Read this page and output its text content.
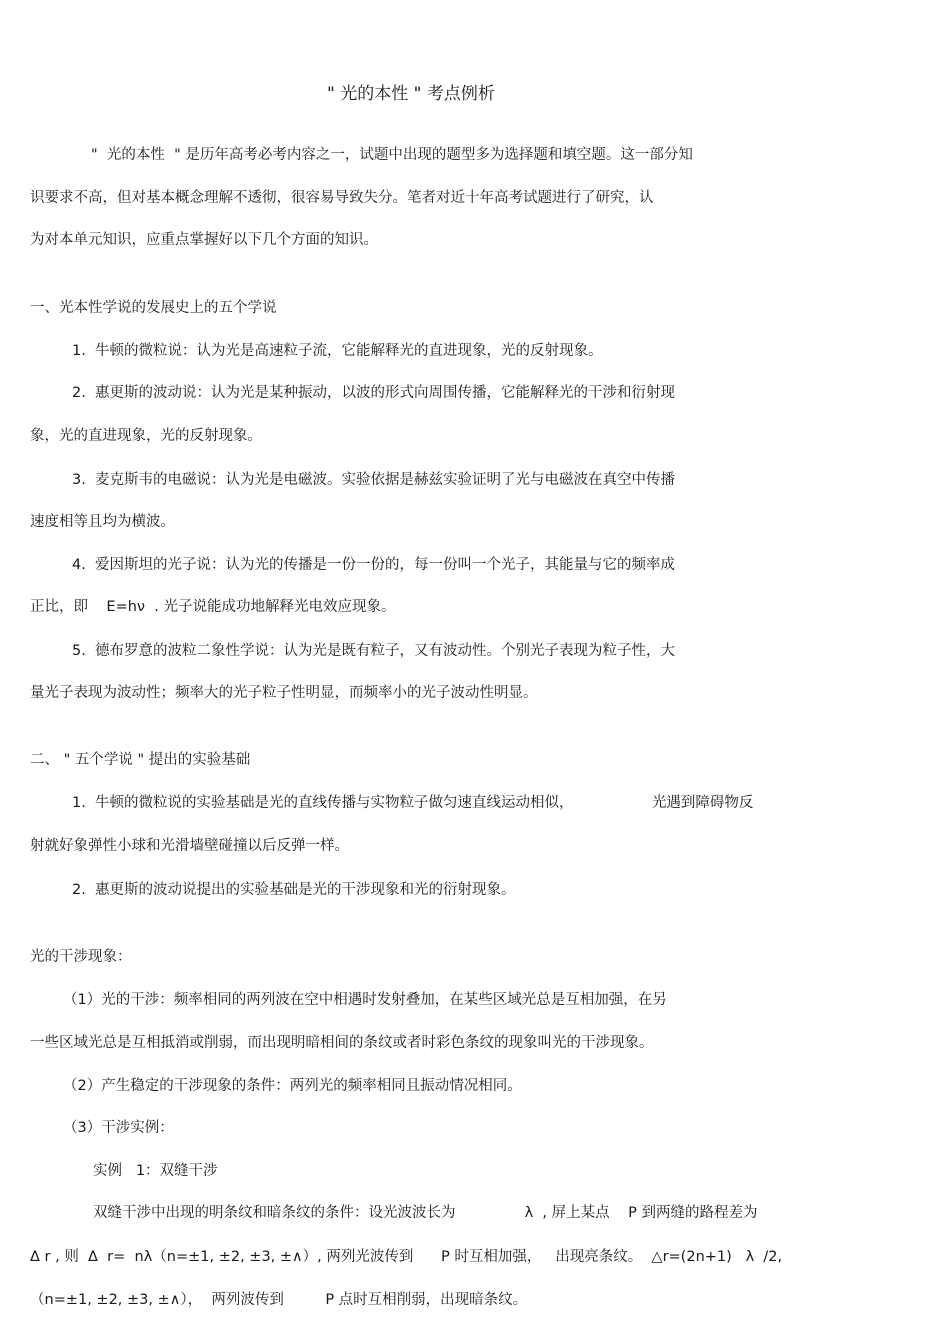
" 光的本性 " 考点例析
"  光的本性  " 是历年高考必考内容之一，试题中出现的题型多为选择题和填空题。这一部分知
识要求不高，但对基本概念理解不透彻，很容易导致失分。笔者对近十年高考试题进行了研究，认
为对本单元知识，应重点掌握好以下几个方面的知识。
一、光本性学说的发展史上的五个学说
1.  牛顿的微粒说：认为光是高速粒子流，它能解释光的直进现象，光的反射现象。
2.  惠更斯的波动说：认为光是某种振动，以波的形式向周围传播，它能解释光的干涉和衍射现
象，光的直进现象，光的反射现象。
3.  麦克斯韦的电磁说：认为光是电磁波。实验依据是赫兹实验证明了光与电磁波在真空中传播
速度相等且均为横波。
4.  爱因斯坦的光子说：认为光的传播是一份一份的，每一份叫一个光子，其能量与它的频率成
正比，即    E=hν  . 光子说能成功地解释光电效应现象。
5.  德布罗意的波粒二象性学说：认为光是既有粒子，又有波动性。个别光子表现为粒子性，大
量光子表现为波动性；频率大的光子粒子性明显，而频率小的光子波动性明显。
二、 " 五个学说 " 提出的实验基础
1.  牛顿的微粒说的实验基础是光的直线传播与实物粒子做匀速直线运动相似，                 光遇到障碍物反
射就好象弹性小球和光滑墙壁碰撞以后反弹一样。
2.  惠更斯的波动说提出的实验基础是光的干涉现象和光的衍射现象。
光的干涉现象：
（1）光的干涉：频率相同的两列波在空中相遇时发射叠加，在某些区域光总是互相加强，在另
一些区域光总是互相抵消或削弱，而出现明暗相间的条纹或者时彩色条纹的现象叫光的干涉现象。
（2）产生稳定的干涉现象的条件：两列光的频率相同且振动情况相同。
（3）干涉实例：
实例   1：双缝干涉
双缝干涉中出现的明条纹和暗条纹的条件：设光波波长为               λ  , 屏上某点    P 到两缝的路程差为
Δ r , 则  Δ  r=  nλ（n=±1, ±2, ±3, ±∧）, 两列光波传到      P 时互相加强，   出现亮条纹。  △r=(2n+1)   λ  /2,
（n=±1, ±2, ±3, ±∧），  两列波传到         P 点时互相削弱，出现暗条纹。
